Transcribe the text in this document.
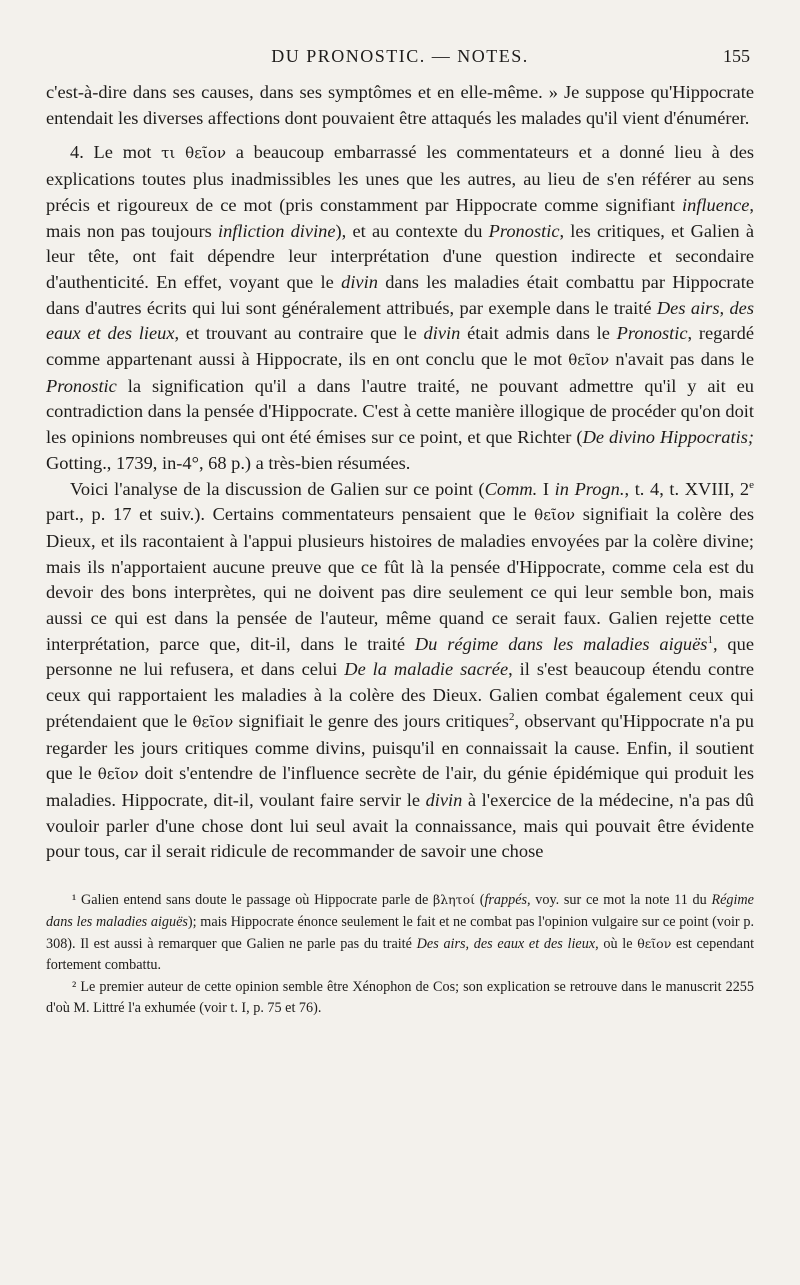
DU PRONOSTIC. — NOTES.	155

c'est-à-dire dans ses causes, dans ses symptômes et en elle-même. » Je suppose qu'Hippocrate entendait les diverses affections dont pouvaient être attaqués les malades qu'il vient d'énumérer.

4. Le mot τι θεῖον a beaucoup embarrassé les commentateurs et a donné lieu à des explications toutes plus inadmissibles les unes que les autres, au lieu de s'en référer au sens précis et rigoureux de ce mot (pris constamment par Hippocrate comme signifiant influence, mais non pas toujours infliction divine), et au contexte du Pronostic, les critiques, et Galien à leur tête, ont fait dépendre leur interprétation d'une question indirecte et secondaire d'authenticité. En effet, voyant que le divin dans les maladies était combattu par Hippocrate dans d'autres écrits qui lui sont généralement attribués, par exemple dans le traité Des airs, des eaux et des lieux, et trouvant au contraire que le divin était admis dans le Pronostic, regardé comme appartenant aussi à Hippocrate, ils en ont conclu que le mot θεῖον n'avait pas dans le Pronostic la signification qu'il a dans l'autre traité, ne pouvant admettre qu'il y ait eu contradiction dans la pensée d'Hippocrate. C'est à cette manière illogique de procéder qu'on doit les opinions nombreuses qui ont été émises sur ce point, et que Richter (De divino Hippocratis; Gotting., 1739, in-4°, 68 p.) a très-bien résumées.

Voici l'analyse de la discussion de Galien sur ce point (Comm. I in Progn., t. 4, t. XVIII, 2e part., p. 17 et suiv.). Certains commentateurs pensaient que le θεῖον signifiait la colère des Dieux, et ils racontaient à l'appui plusieurs histoires de maladies envoyées par la colère divine; mais ils n'apportaient aucune preuve que ce fût là la pensée d'Hippocrate, comme cela est du devoir des bons interprètes, qui ne doivent pas dire seulement ce qui leur semble bon, mais aussi ce qui est dans la pensée de l'auteur, même quand ce serait faux. Galien rejette cette interprétation, parce que, dit-il, dans le traité Du régime dans les maladies aiguës$^1$, que personne ne lui refusera, et dans celui De la maladie sacrée, il s'est beaucoup étendu contre ceux qui rapportaient les maladies à la colère des Dieux. Galien combat également ceux qui prétendaient que le θεῖον signifiait le genre des jours critiques$^2$, observant qu'Hippocrate n'a pu regarder les jours critiques comme divins, puisqu'il en connaissait la cause. Enfin, il soutient que le θεῖον doit s'entendre de l'influence secrète de l'air, du génie épidémique qui produit les maladies. Hippocrate, dit-il, voulant faire servir le divin à l'exercice de la médecine, n'a pas dû vouloir parler d'une chose dont lui seul avait la connaissance, mais qui pouvait être évidente pour tous, car il serait ridicule de recommander de savoir une chose

¹ Galien entend sans doute le passage où Hippocrate parle de βλητοί (frappés, voy. sur ce mot la note 11 du Régime dans les maladies aiguës); mais Hippocrate énonce seulement le fait et ne combat pas l'opinion vulgaire sur ce point (voir p. 308). Il est aussi à remarquer que Galien ne parle pas du traité Des airs, des eaux et des lieux, où le θεῖον est cependant fortement combattu.

² Le premier auteur de cette opinion semble être Xénophon de Cos; son explication se retrouve dans le manuscrit 2255 d'où M. Littré l'a exhumée (voir t. I, p. 75 et 76).
